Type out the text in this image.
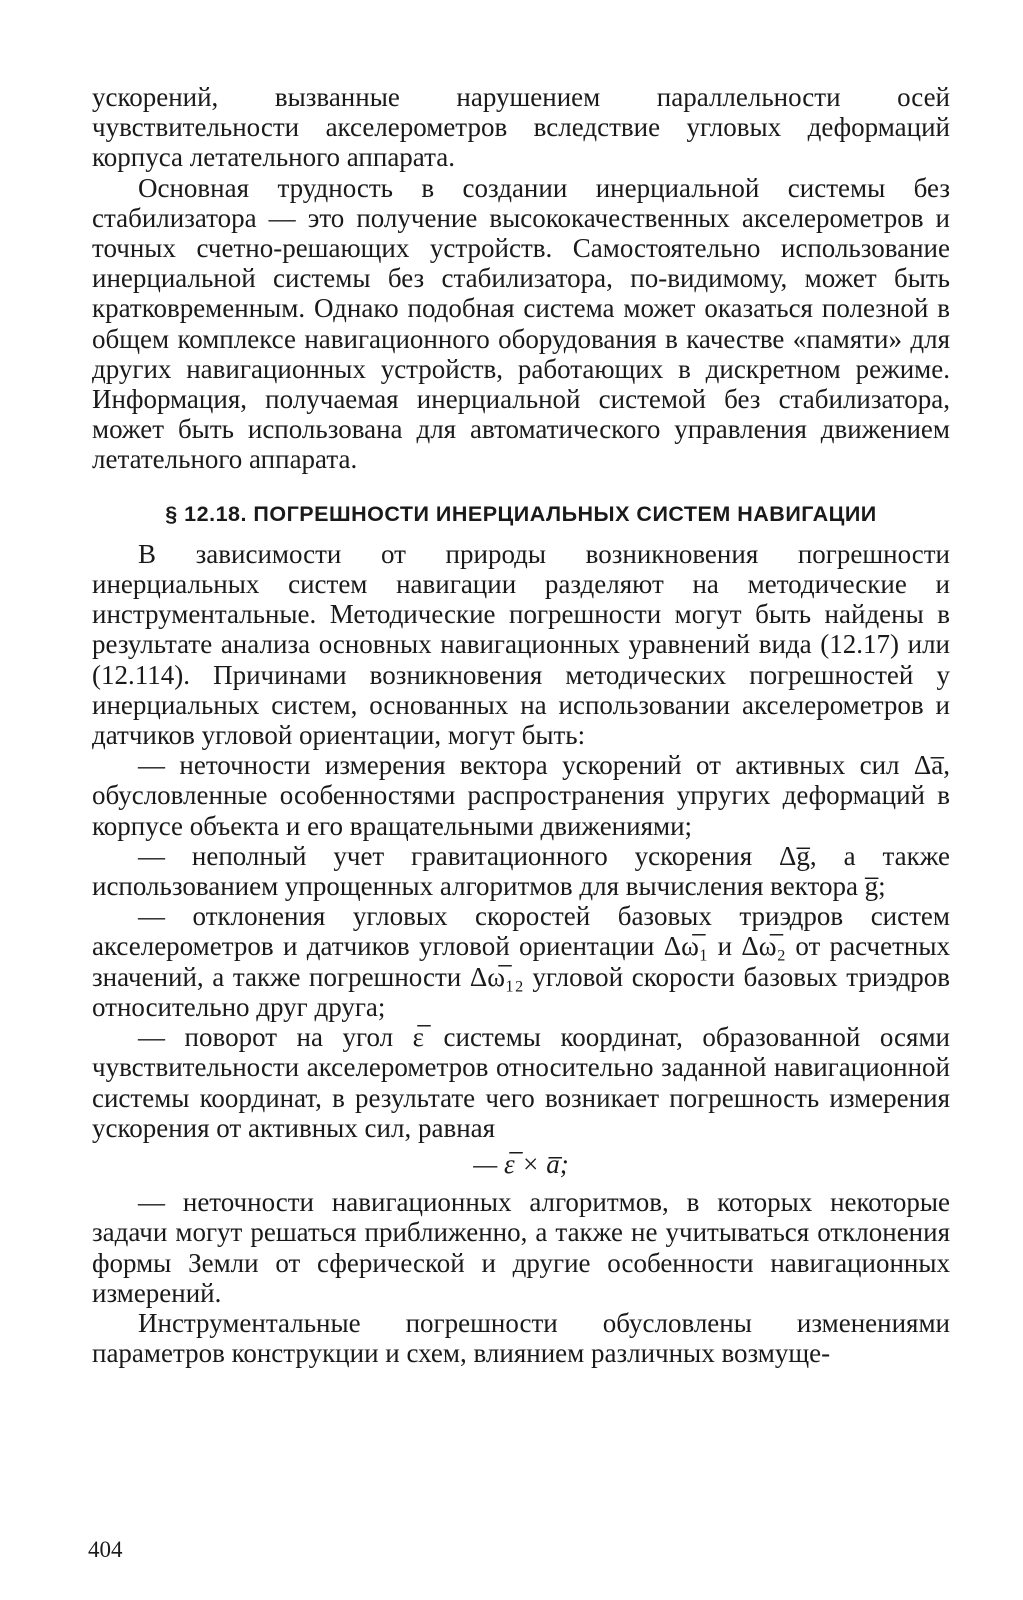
ускорений, вызванные нарушением параллельности осей чувствительности акселерометров вследствие угловых деформаций корпуса летательного аппарата.

Основная трудность в создании инерциальной системы без стабилизатора — это получение высококачественных акселерометров и точных счетно-решающих устройств. Самостоятельно использование инерциальной системы без стабилизатора, по-видимому, может быть кратковременным. Однако подобная система может оказаться полезной в общем комплексе навигационного оборудования в качестве «памяти» для других навигационных устройств, работающих в дискретном режиме. Информация, получаемая инерциальной системой без стабилизатора, может быть использована для автоматического управления движением летательного аппарата.

§ 12.18. ПОГРЕШНОСТИ ИНЕРЦИАЛЬНЫХ СИСТЕМ НАВИГАЦИИ

В зависимости от природы возникновения погрешности инерциальных систем навигации разделяют на методические и инструментальные. Методические погрешности могут быть найдены в результате анализа основных навигационных уравнений вида (12.17) или (12.114). Причинами возникновения методических погрешностей у инерциальных систем, основанных на использовании акселерометров и датчиков угловой ориентации, могут быть:

— неточности измерения вектора ускорений от активных сил Δa̅, обусловленные особенностями распространения упругих деформаций в корпусе объекта и его вращательными движениями;

— неполный учет гравитационного ускорения Δg̅, а также использованием упрощенных алгоритмов для вычисления вектора g̅;

— отклонения угловых скоростей базовых триэдров систем акселерометров и датчиков угловой ориентации Δω̅₁ и Δω̅₂ от расчетных значений, а также погрешности Δω̅₁₂ угловой скорости базовых триэдров относительно друг друга;

— поворот на угол ε̅ системы координат, образованной осями чувствительности акселерометров относительно заданной навигационной системы координат, в результате чего возникает погрешность измерения ускорения от активных сил, равная

— ε̅ × a̅;

— неточности навигационных алгоритмов, в которых некоторые задачи могут решаться приближенно, а также не учитываться отклонения формы Земли от сферической и другие особенности навигационных измерений.

Инструментальные погрешности обусловлены изменениями параметров конструкции и схем, влиянием различных возмуще-

404
